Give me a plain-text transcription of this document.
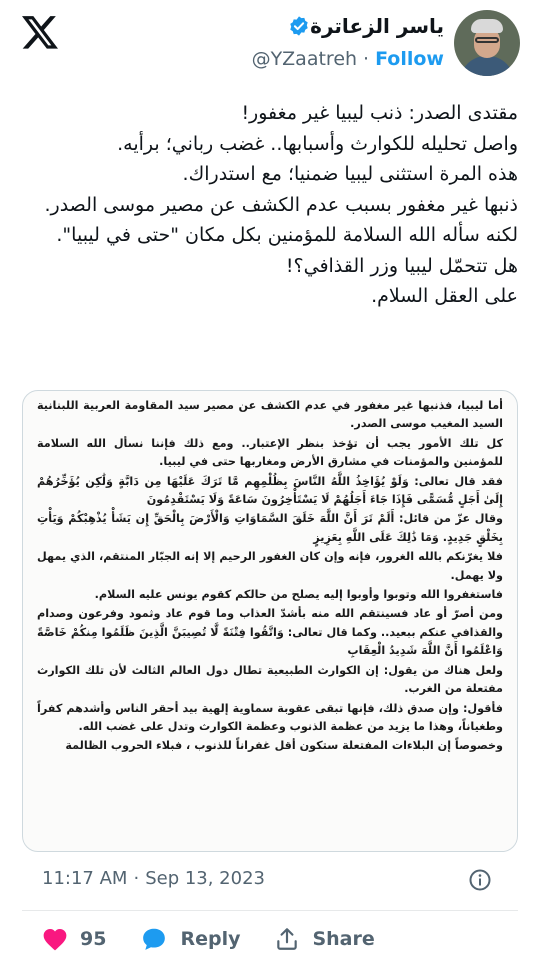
ياسر الزعاترة
@YZaatreh · Follow

مقتدى الصدر: ذنب ليبيا غير مغفور!

واصل تحليله للكوارث وأسبابها.. غضب رباني؛ برأيه.

هذه المرة استثنى ليبيا ضمنيا؛ مع استدراك.

ذنبها غير مغفور بسبب عدم الكشف عن مصير موسى الصدر.

لكنه سأله الله السلامة للمؤمنين بكل مكان "حتى في ليبيا".

هل تتحمّل ليبيا وزر القذافي؟!

على العقل السلام.

أما ليبيا، فذنبها غير مغفور في عدم الكشف عن مصير سيد المقاومة العربية اللبنانية السيد المغيب موسى الصدر.

كل تلك الأمور يجب أن تؤخذ بنظر الإعتبار.. ومع ذلك فإننا نسأل الله السلامة للمؤمنين والمؤمنات في مشارق الأرض ومغاربها حتى في ليبيا.

فقد قال تعالى: وَلَوْ يُؤَاخِذُ اللَّهُ النَّاسَ بِظُلْمِهِم مَّا تَرَكَ عَلَيْهَا مِن دَابَّةٍ وَلَٰكِن يُؤَخِّرُهُمْ إِلَىٰ أَجَلٍ مُّسَمًّى فَإِذَا جَاءَ أَجَلُهُمْ لَا يَسْتَأْخِرُونَ سَاعَةً وَلَا يَسْتَقْدِمُونَ

وقال عزّ من قائل: أَلَمْ تَرَ أَنَّ اللَّهَ خَلَقَ السَّمَاوَاتِ وَالْأَرْضَ بِالْحَقِّ إِن يَشَأْ يُذْهِبْكُمْ وَيَأْتِ بِخَلْقٍ جَدِيدٍ. وَمَا ذَٰلِكَ عَلَى اللَّهِ بِعَزِيزٍ

فلا يغرّنكم بالله الغرور، فإنه وإن كان الغفور الرحيم إلا إنه الجبّار المنتقم، الذي يمهل ولا يهمل.

فاستغفروا الله وتوبوا وأوبوا إليه يصلح من حالكم كقوم يونس عليه السلام.

ومن أصرّ أو عاد فسينتقم الله منه بأشدّ العذاب وما قوم عاد وثمود وفرعون وصدام والقذافي عنكم ببعيد.. وكما قال تعالى: وَاتَّقُوا فِتْنَةً لَّا تُصِيبَنَّ الَّذِينَ ظَلَمُوا مِنكُمْ خَاصَّةً وَاعْلَمُوا أَنَّ اللَّهَ شَدِيدُ الْعِقَابِ

ولعل هناك من يقول: إن الكوارث الطبيعية تطال دول العالم الثالث لأن تلك الكوارث مفتعلة من الغرب.

فأقول: وإن صدق ذلك، فإنها تبقى عقوبة سماوية إلهية بيد أحقر الناس وأشدهم كفراً وطغياناً، وهذا ما يزيد من عظمة الذنوب وعظمة الكوارث وتدل على غضب الله.

وخصوصاً إن البلاءات المفتعلة ستكون أقل غفراناً للذنوب ، فبلاء الحروب الظالمة

11:17 AM · Sep 13, 2023
95	Reply	Share
